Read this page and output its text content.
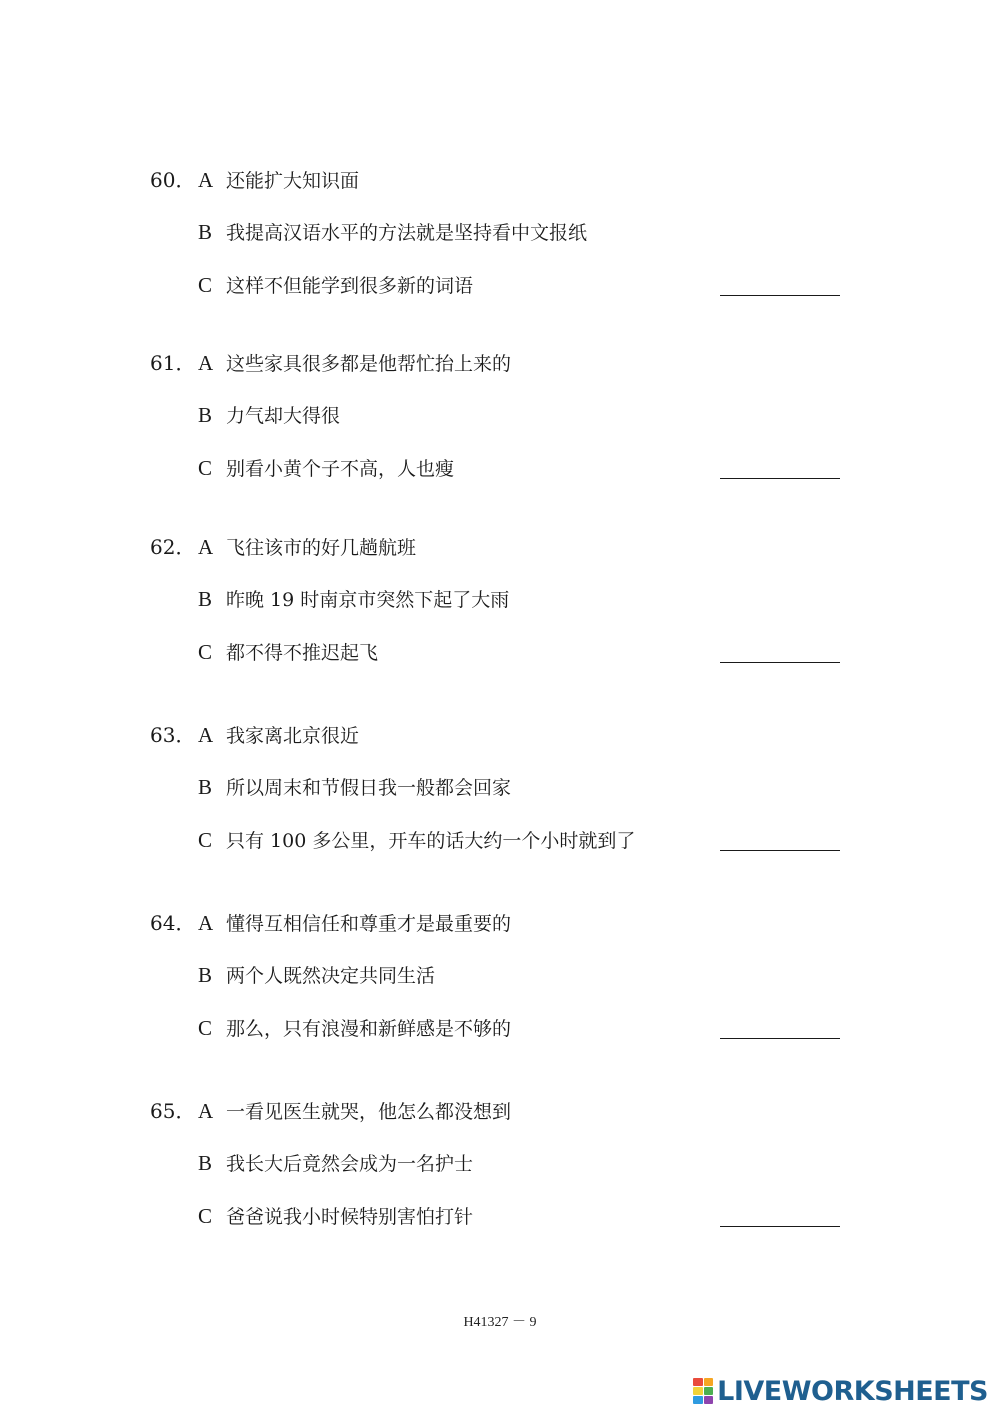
60． A 还能扩大知识面
B 我提高汉语水平的方法就是坚持看中文报纸
C 这样不但能学到很多新的词语
61． A 这些家具很多都是他帮忙抬上来的
B 力气却大得很
C 别看小黄个子不高，人也瘦
62． A 飞往该市的好几趟航班
B 昨晚 19 时南京市突然下起了大雨
C 都不得不推迟起飞
63． A 我家离北京很近
B 所以周末和节假日我一般都会回家
C 只有 100 多公里，开车的话大约一个小时就到了
64． A 懂得互相信任和尊重才是最重要的
B 两个人既然决定共同生活
C 那么，只有浪漫和新鲜感是不够的
65． A 一看见医生就哭，他怎么都没想到
B 我长大后竟然会成为一名护士
C 爸爸说我小时候特别害怕打针
H41327 － 9
LIVEWORKSHEETS
